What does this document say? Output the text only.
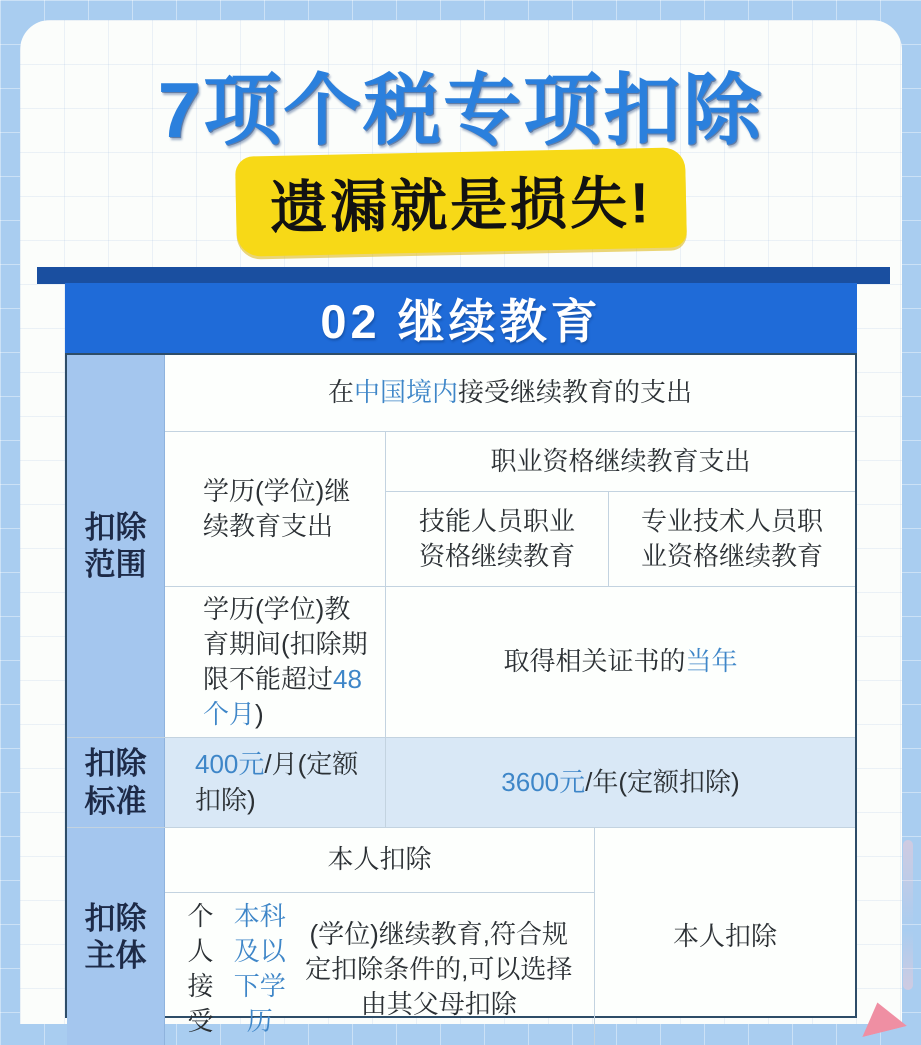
7项个税专项扣除
遗漏就是损失!
02 继续教育
扣除范围
在 中国境内 接受继续教育的支出
学历(学位)继续教育支出
职业资格继续教育支出
技能人员职业资格继续教育
专业技术人员职业资格继续教育
学历(学位)教育期间(扣除期限不能超过48个月)
取得相关证书的 当年
扣除标准
400元/月(定额扣除)
3600元 /年(定额扣除)
扣除主体
本人扣除
个人接受
本科及以下学历
(学位)继续教育,符合规定扣除条件的,可以选择由其父母扣除
本人扣除
